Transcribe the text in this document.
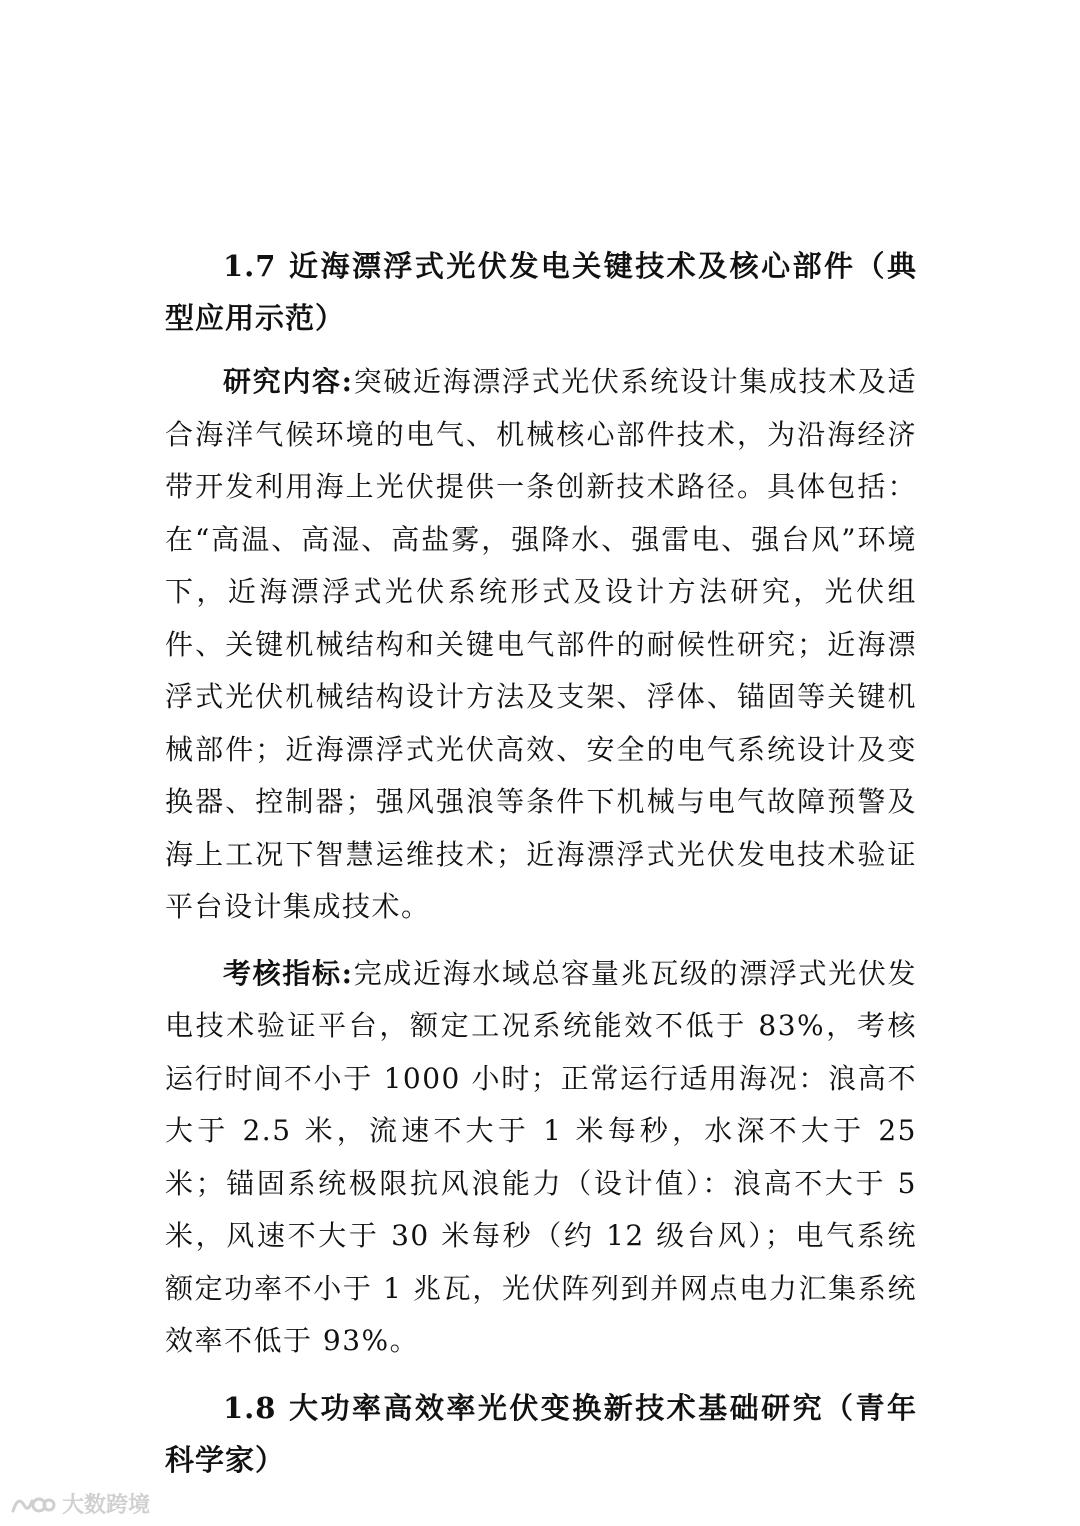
1.7 近海漂浮式光伏发电关键技术及核心部件（典型应用示范）

研究内容:突破近海漂浮式光伏系统设计集成技术及适合海洋气候环境的电气、机械核心部件技术，为沿海经济带开发利用海上光伏提供一条创新技术路径。具体包括：在“高温、高湿、高盐雾，强降水、强雷电、强台风”环境下，近海漂浮式光伏系统形式及设计方法研究，光伏组件、关键机械结构和关键电气部件的耐候性研究；近海漂浮式光伏机械结构设计方法及支架、浮体、锚固等关键机械部件；近海漂浮式光伏高效、安全的电气系统设计及变换器、控制器；强风强浪等条件下机械与电气故障预警及海上工况下智慧运维技术；近海漂浮式光伏发电技术验证平台设计集成技术。

考核指标:完成近海水域总容量兆瓦级的漂浮式光伏发电技术验证平台，额定工况系统能效不低于 83%，考核运行时间不小于 1000 小时；正常运行适用海况：浪高不大于 2.5 米，流速不大于 1 米每秒，水深不大于 25 米；锚固系统极限抗风浪能力（设计值）：浪高不大于 5 米，风速不大于 30 米每秒（约 12 级台风）；电气系统额定功率不小于 1 兆瓦，光伏阵列到并网点电力汇集系统效率不低于 93%。

1.8 大功率高效率光伏变换新技术基础研究（青年科学家）
大数跨境
